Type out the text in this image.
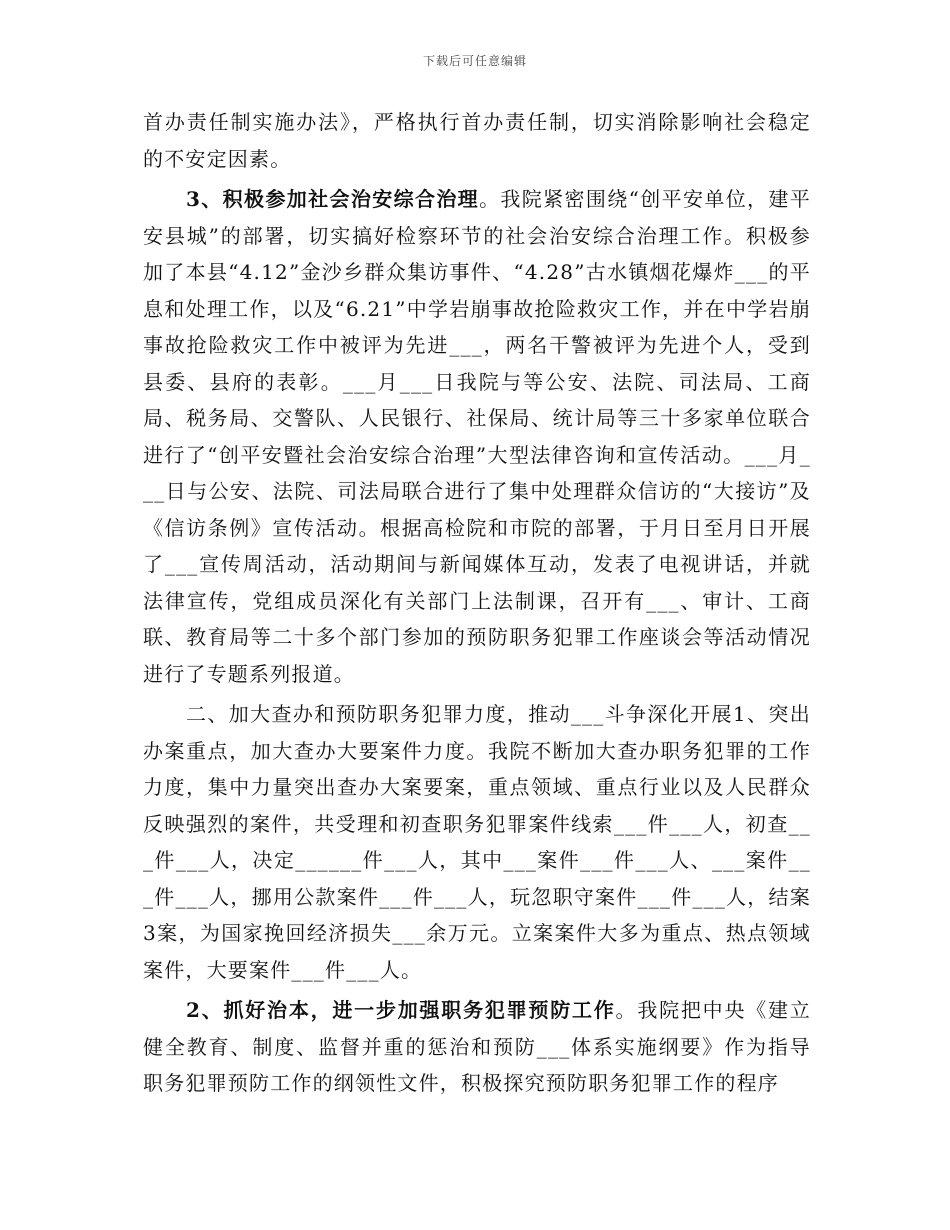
下载后可任意编辑

首办责任制实施办法》，严格执行首办责任制，切实消除影响社会稳定的不安定因素。

3、积极参加社会治安综合治理。我院紧密围绕“创平安单位，建平安县城”的部署，切实搞好检察环节的社会治安综合治理工作。积极参加了本县“4.12”金沙乡群众集访事件、“4.28”古水镇烟花爆炸___的平息和处理工作，以及“6.21”中学岩崩事故抢险救灾工作，并在中学岩崩事故抢险救灾工作中被评为先进___，两名干警被评为先进个人，受到县委、县府的表彰。___月___日我院与等公安、法院、司法局、工商局、税务局、交警队、人民银行、社保局、统计局等三十多家单位联合进行了“创平安暨社会治安综合治理”大型法律咨询和宣传活动。___月___日与公安、法院、司法局联合进行了集中处理群众信访的“大接访”及《信访条例》宣传活动。根据高检院和市院的部署，于月日至月日开展了___宣传周活动，活动期间与新闻媒体互动，发表了电视讲话，并就法律宣传，党组成员深化有关部门上法制课，召开有___、审计、工商联、教育局等二十多个部门参加的预防职务犯罪工作座谈会等活动情况进行了专题系列报道。

二、加大查办和预防职务犯罪力度，推动___斗争深化开展1、突出办案重点，加大查办大要案件力度。我院不断加大查办职务犯罪的工作力度，集中力量突出查办大案要案，重点领域、重点行业以及人民群众反映强烈的案件，共受理和初查职务犯罪案件线索___件___人，初查___件___人，决定______件___人，其中___案件___件___人、___案件___件___人，挪用公款案件___件___人，玩忽职守案件___件___人，结案3案，为国家挽回经济损失___余万元。立案案件大多为重点、热点领域案件，大要案件___件___人。

2、抓好治本，进一步加强职务犯罪预防工作。我院把中央《建立健全教育、制度、监督并重的惩治和预防___体系实施纲要》作为指导职务犯罪预防工作的纲领性文件，积极探究预防职务犯罪工作的程序
